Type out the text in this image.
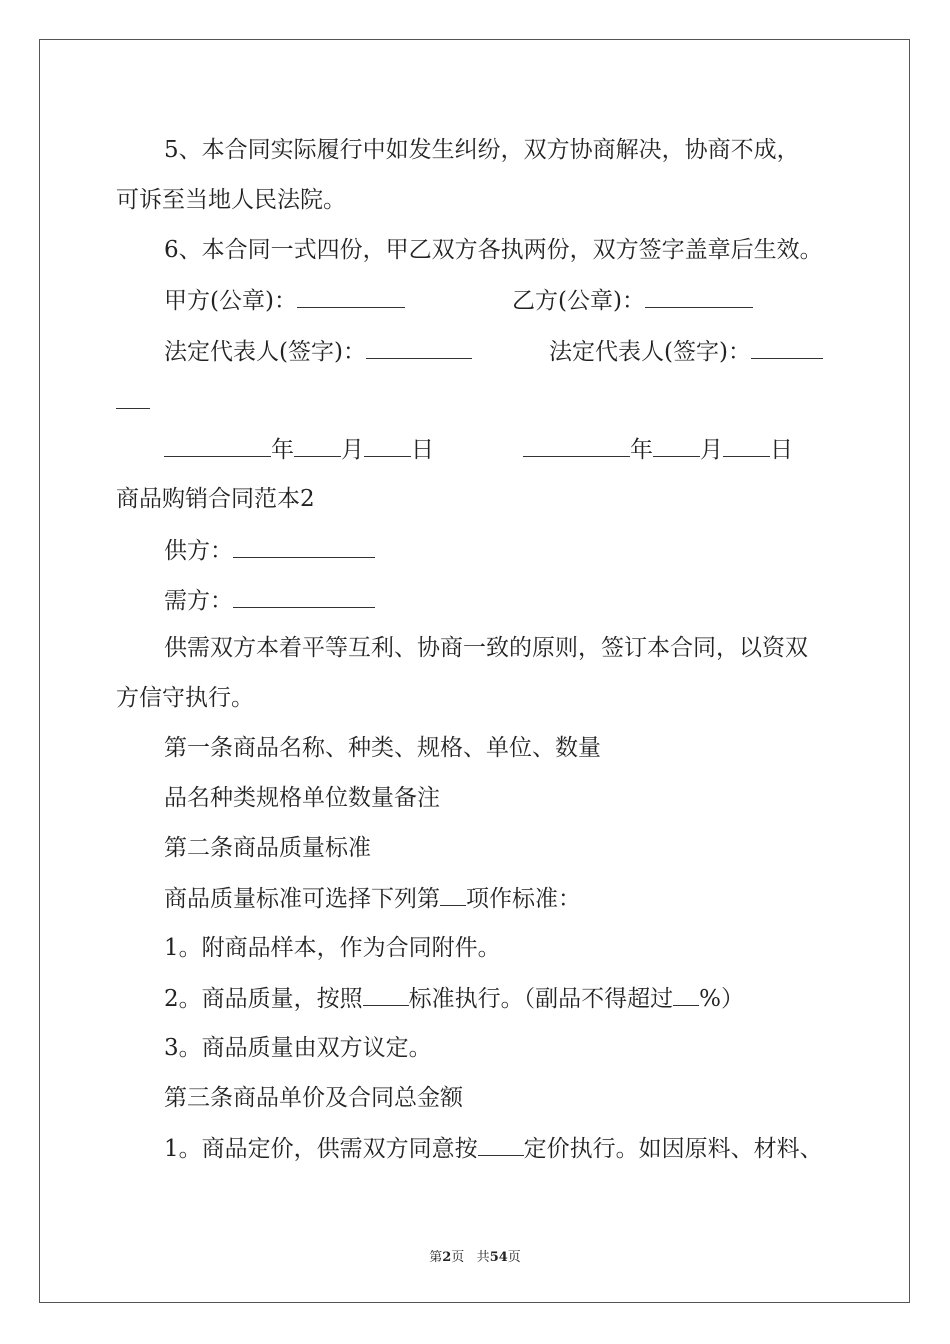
5、本合同实际履行中如发生纠纷，双方协商解决，协商不成，
可诉至当地人民法院。
6、本合同一式四份，甲乙双方各执两份，双方签字盖章后生效。
甲方(公章)：	乙方(公章)：
法定代表人(签字)：	法定代表人(签字)：
年 月 日	年 月 日
商品购销合同范本2
供方：
需方：
供需双方本着平等互利、协商一致的原则，签订本合同，以资双
方信守执行。
第一条商品名称、种类、规格、单位、数量
品名种类规格单位数量备注
第二条商品质量标准
商品质量标准可选择下列第 项作标准：
1。附商品样本，作为合同附件。
2。商品质量，按照 标准执行。（副品不得超过 %）
3。商品质量由双方议定。
第三条商品单价及合同总金额
1。商品定价，供需双方同意按 定价执行。如因原料、材料、
第2页 共54页
